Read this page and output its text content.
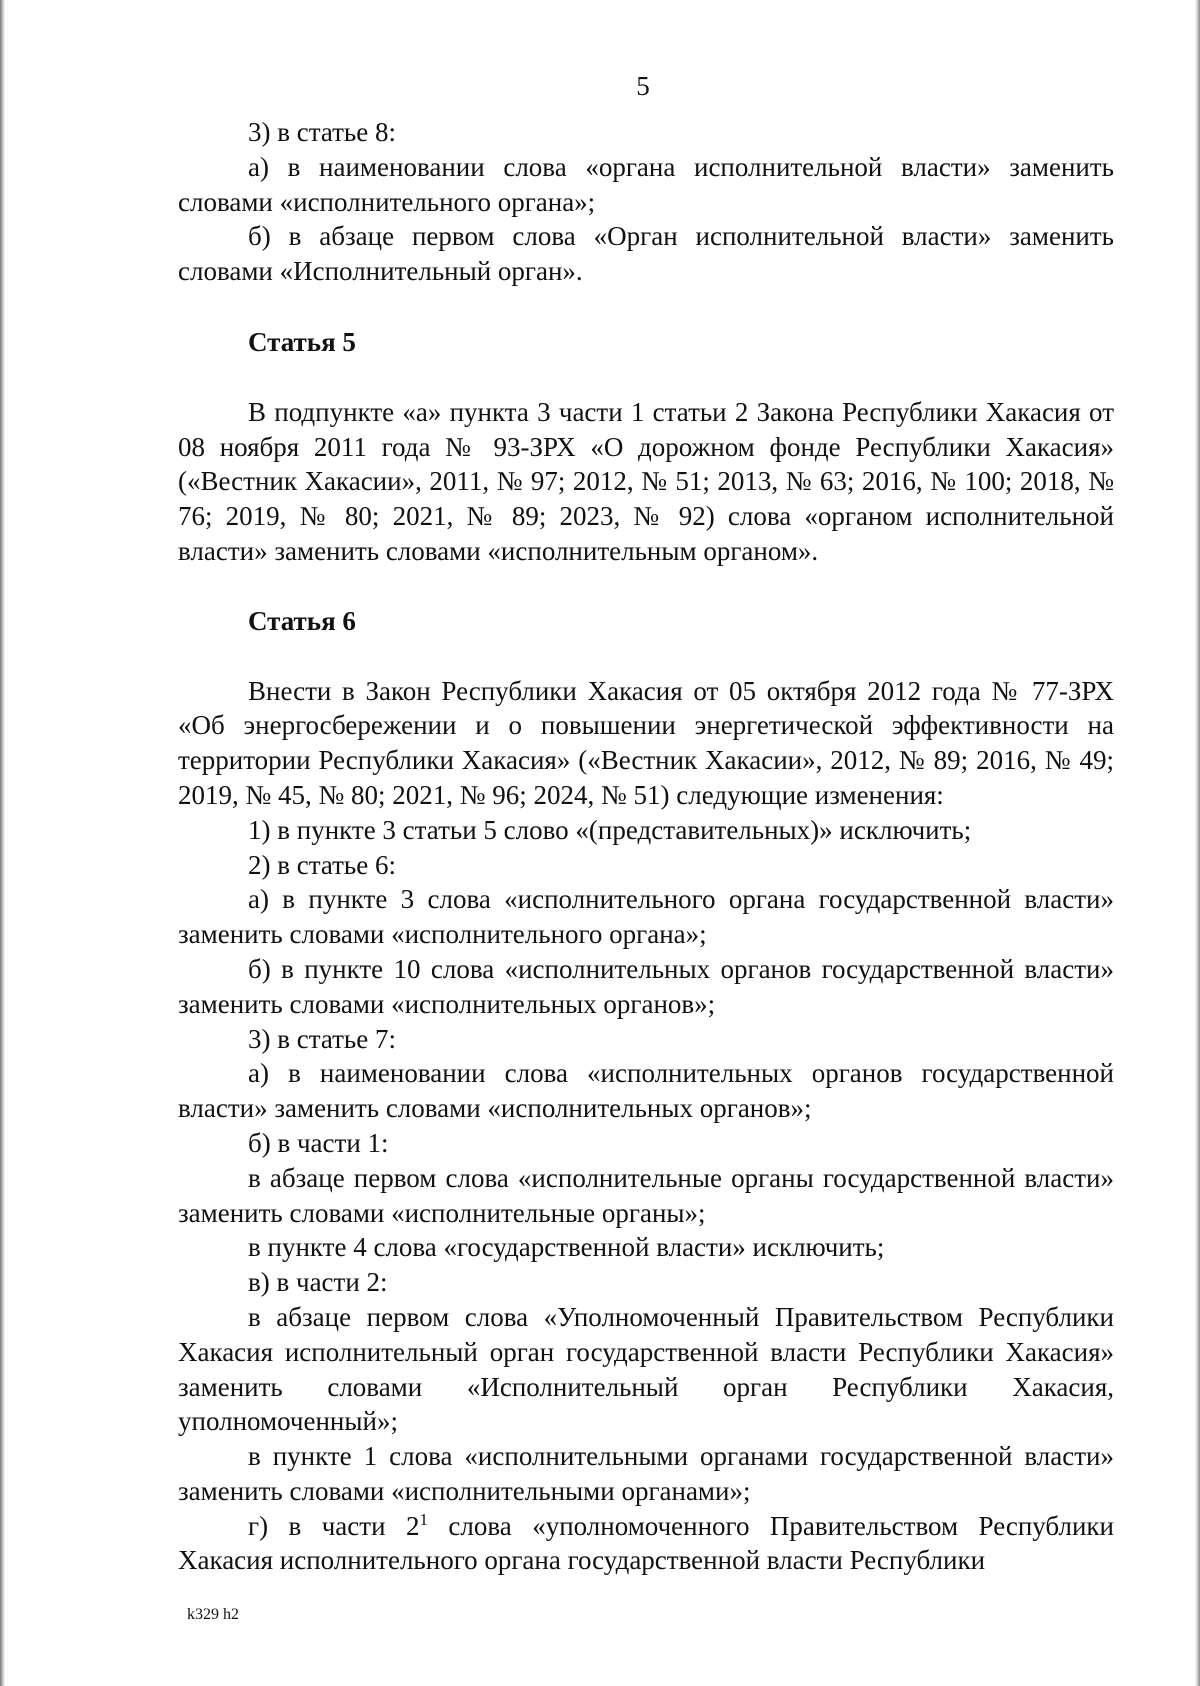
5

3) в статье 8:

а) в наименовании слова «органа исполнительной власти» заменить словами «исполнительного органа»;

б) в абзаце первом слова «Орган исполнительной власти» заменить словами «Исполнительный орган».

Статья 5

В подпункте «а» пункта 3 части 1 статьи 2 Закона Республики Хакасия от 08 ноября 2011 года № 93-ЗРХ «О дорожном фонде Республики Хакасия» («Вестник Хакасии», 2011, № 97; 2012, № 51; 2013, № 63; 2016, № 100; 2018, № 76; 2019, № 80; 2021, № 89; 2023, № 92) слова «органом исполнительной власти» заменить словами «исполнительным органом».

Статья 6

Внести в Закон Республики Хакасия от 05 октября 2012 года № 77-ЗРХ «Об энергосбережении и о повышении энергетической эффективности на территории Республики Хакасия» («Вестник Хакасии», 2012, № 89; 2016, № 49; 2019, № 45, № 80; 2021, № 96; 2024, № 51) следующие изменения:

1) в пункте 3 статьи 5 слово «(представительных)» исключить;

2) в статье 6:

а) в пункте 3 слова «исполнительного органа государственной власти» заменить словами «исполнительного органа»;

б) в пункте 10 слова «исполнительных органов государственной власти» заменить словами «исполнительных органов»;

3) в статье 7:

а) в наименовании слова «исполнительных органов государственной власти» заменить словами «исполнительных органов»;

б) в части 1:

в абзаце первом слова «исполнительные органы государственной власти» заменить словами «исполнительные органы»;

в пункте 4 слова «государственной власти» исключить;

в) в части 2:

в абзаце первом слова «Уполномоченный Правительством Республики Хакасия исполнительный орган государственной власти Республики Хакасия» заменить словами «Исполнительный орган Республики Хакасия, уполномоченный»;

в пункте 1 слова «исполнительными органами государственной власти» заменить словами «исполнительными органами»;

г) в части $2^1$ слова «уполномоченного Правительством Республики Хакасия исполнительного органа государственной власти Республики

k329 h2
